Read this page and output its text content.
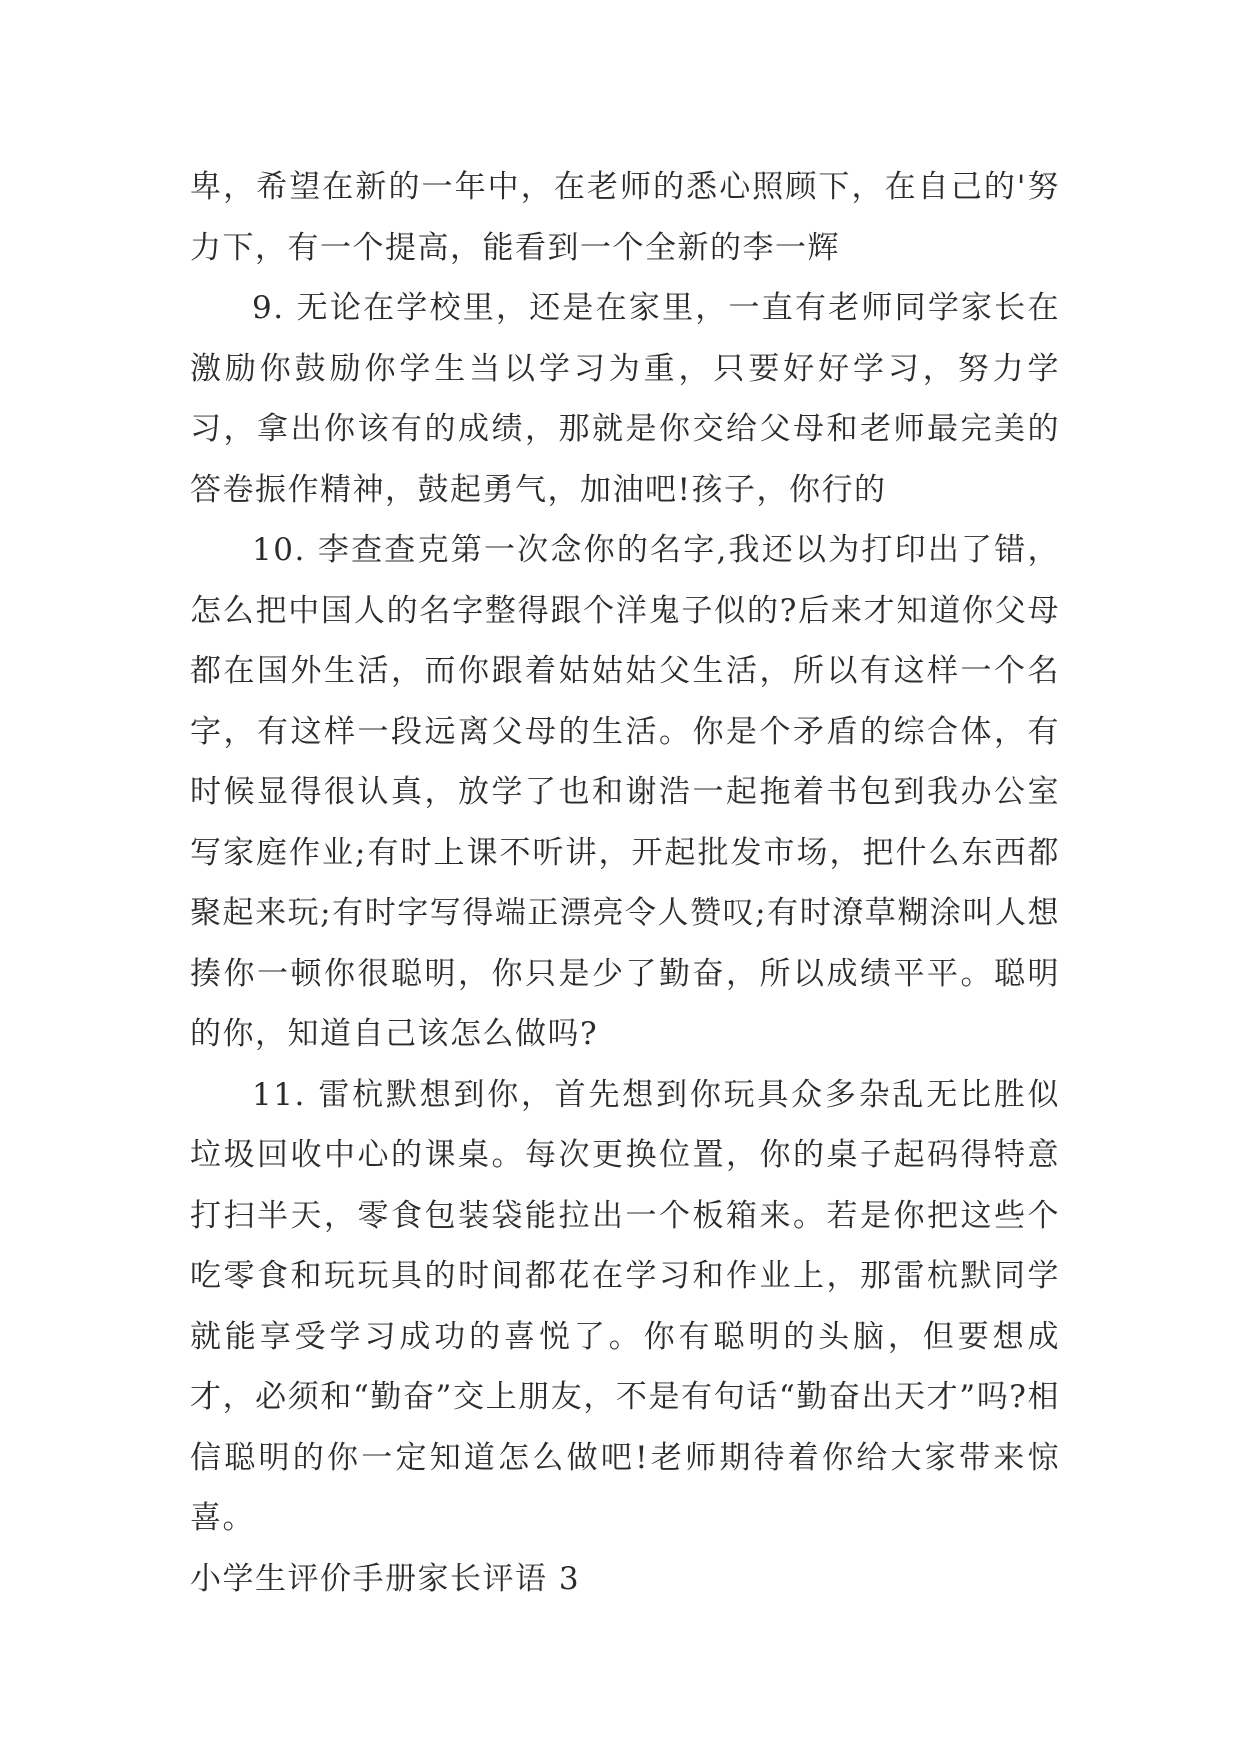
卑，希望在新的一年中，在老师的悉心照顾下，在自己的'努力下，有一个提高，能看到一个全新的李一辉

9. 无论在学校里，还是在家里，一直有老师同学家长在激励你鼓励你学生当以学习为重，只要好好学习，努力学习，拿出你该有的成绩，那就是你交给父母和老师最完美的答卷振作精神，鼓起勇气，加油吧!孩子，你行的

10. 李查查克第一次念你的名字,我还以为打印出了错，怎么把中国人的名字整得跟个洋鬼子似的?后来才知道你父母都在国外生活，而你跟着姑姑姑父生活，所以有这样一个名字，有这样一段远离父母的生活。你是个矛盾的综合体，有时候显得很认真，放学了也和谢浩一起拖着书包到我办公室写家庭作业;有时上课不听讲，开起批发市场，把什么东西都聚起来玩;有时字写得端正漂亮令人赞叹;有时潦草糊涂叫人想揍你一顿你很聪明，你只是少了勤奋，所以成绩平平。聪明的你，知道自己该怎么做吗?

11. 雷杭默想到你，首先想到你玩具众多杂乱无比胜似垃圾回收中心的课桌。每次更换位置，你的桌子起码得特意打扫半天，零食包装袋能拉出一个板箱来。若是你把这些个吃零食和玩玩具的时间都花在学习和作业上，那雷杭默同学就能享受学习成功的喜悦了。你有聪明的头脑，但要想成才，必须和“勤奋”交上朋友，不是有句话“勤奋出天才”吗?相信聪明的你一定知道怎么做吧!老师期待着你给大家带来惊喜。

小学生评价手册家长评语 3
